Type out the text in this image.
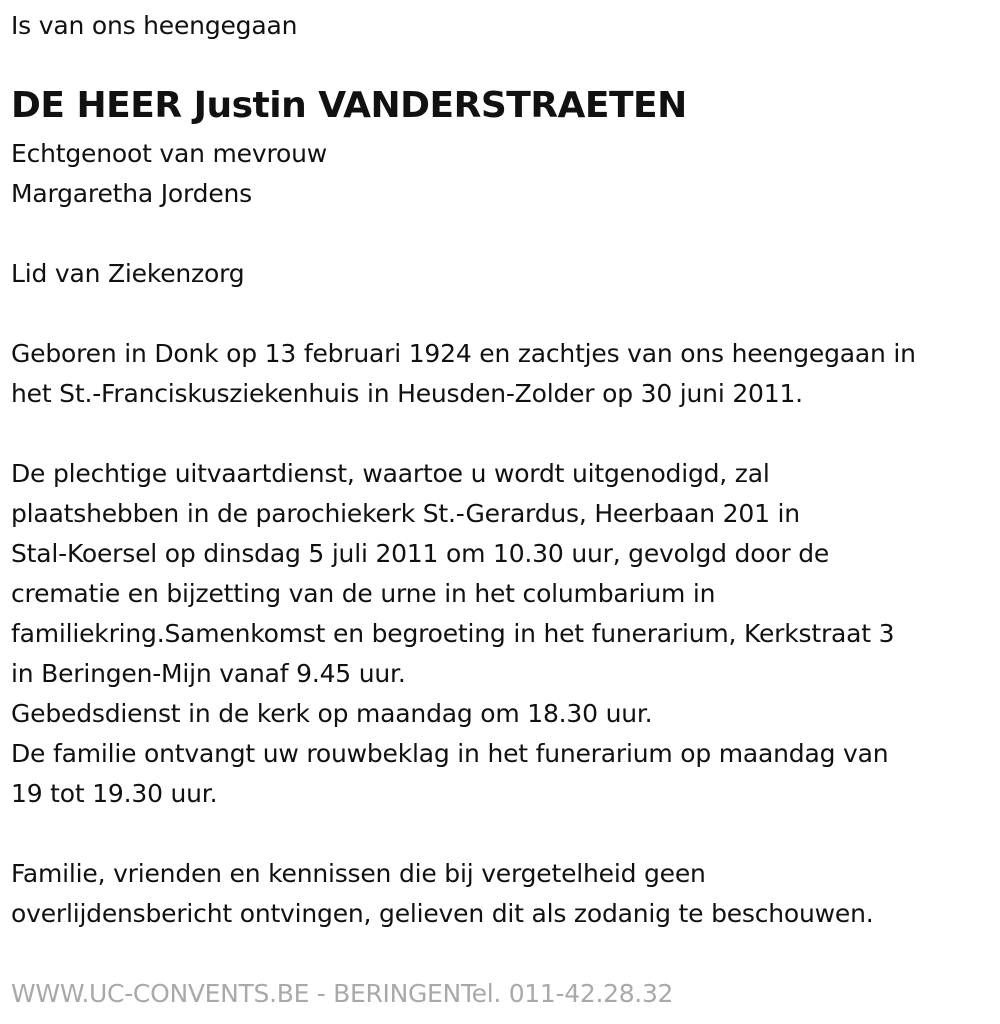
Is van ons heengegaan
DE HEER Justin VANDERSTRAETEN
Echtgenoot van mevrouw
Margaretha Jordens
Lid van Ziekenzorg
Geboren in Donk op 13 februari 1924 en zachtjes van ons heengegaan in
het St.-Franciskusziekenhuis in Heusden-Zolder op 30 juni 2011.
De plechtige uitvaartdienst, waartoe u wordt uitgenodigd, zal
plaatshebben in de parochiekerk St.-Gerardus, Heerbaan 201 in
Stal-Koersel op dinsdag 5 juli 2011 om 10.30 uur, gevolgd door de
crematie en bijzetting van de urne in het columbarium in
familiekring.Samenkomst en begroeting in het funerarium, Kerkstraat 3
in Beringen-Mijn vanaf 9.45 uur.
Gebedsdienst in de kerk op maandag om 18.30 uur.
De familie ontvangt uw rouwbeklag in het funerarium op maandag van
19 tot 19.30 uur.
Familie, vrienden en kennissen die bij vergetelheid geen
overlijdensbericht ontvingen, gelieven dit als zodanig te beschouwen.
WWW.UC-CONVENTS.BE - BERINGENTel. 011-42.28.32
